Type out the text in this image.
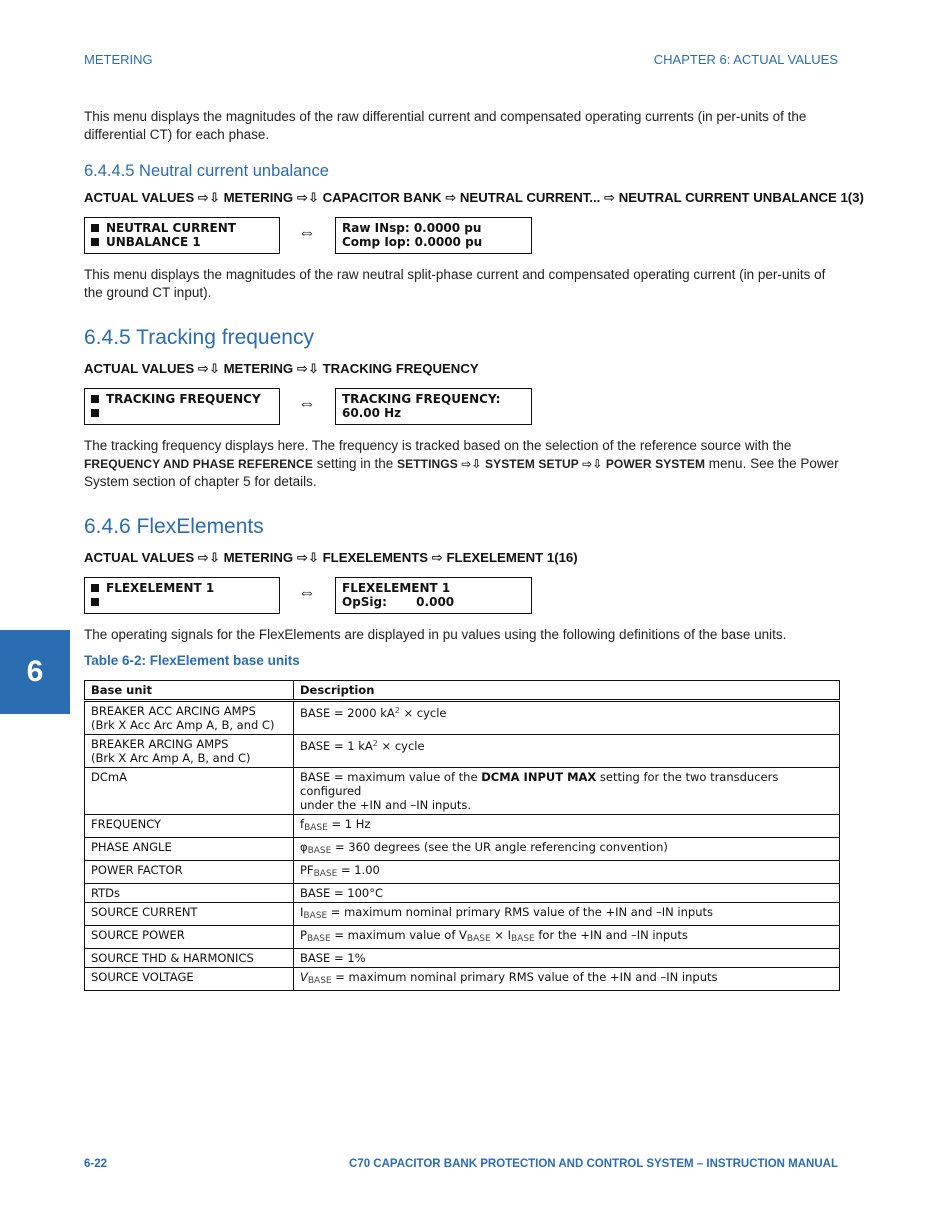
METERING	CHAPTER 6: ACTUAL VALUES
This menu displays the magnitudes of the raw differential current and compensated operating currents (in per-units of the differential CT) for each phase.
6.4.4.5 Neutral current unbalance
ACTUAL VALUES ⇨⇩ METERING ⇨⇩ CAPACITOR BANK ⇨ NEUTRAL CURRENT... ⇨ NEUTRAL CURRENT UNBALANCE 1(3)
NEUTRAL CURRENT
UNBALANCE 1	⇔ Raw INsp: 0.0000 pu
Comp Iop: 0.0000 pu
This menu displays the magnitudes of the raw neutral split-phase current and compensated operating current (in per-units of the ground CT input).
6.4.5 Tracking frequency
ACTUAL VALUES ⇨⇩ METERING ⇨⇩ TRACKING FREQUENCY
TRACKING FREQUENCY	⇔ TRACKING FREQUENCY:
60.00 Hz
The tracking frequency displays here. The frequency is tracked based on the selection of the reference source with the
FREQUENCY AND PHASE REFERENCE setting in the SETTINGS ⇨⇩ SYSTEM SETUP ⇨⇩ POWER SYSTEM menu. See the Power
System section of chapter 5 for details.
6.4.6 FlexElements
ACTUAL VALUES ⇨⇩ METERING ⇨⇩ FLEXELEMENTS ⇨ FLEXELEMENT 1(16)
FLEXELEMENT 1	⇔ FLEXELEMENT 1
OpSig:       0.000
The operating signals for the FlexElements are displayed in pu values using the following definitions of the base units.
6	Table 6-2: FlexElement base units
Base unit	Description
BREAKER ACC ARCING AMPS
(Brk X Acc Arc Amp A, B, and C)	BASE = 2000 $kA^2$ × cycle
BREAKER ARCING AMPS
(Brk X Arc Amp A, B, and C)	BASE = 1 $kA^2$ × cycle
DCmA	BASE = maximum value of the DCMA INPUT MAX setting for the two transducers configured
under the +IN and –IN inputs.
FREQUENCY	$f_{BASE} = 1$ Hz
PHASE ANGLE	$\varphi_{BASE} = 360$ degrees (see the UR angle referencing convention)
POWER FACTOR	$PF_{BASE} = 1.00$
RTDs	BASE = 100°C
SOURCE CURRENT	$I_{BASE}$ = maximum nominal primary RMS value of the +IN and –IN inputs
SOURCE POWER	$P_{BASE}$ = maximum value of $V_{BASE} \times I_{BASE}$ for the +IN and –IN inputs
SOURCE THD & HARMONICS	BASE = 1%
SOURCE VOLTAGE	$V_{BASE}$ = maximum nominal primary RMS value of the +IN and –IN inputs
6-22	C70 CAPACITOR BANK PROTECTION AND CONTROL SYSTEM – INSTRUCTION MANUAL
